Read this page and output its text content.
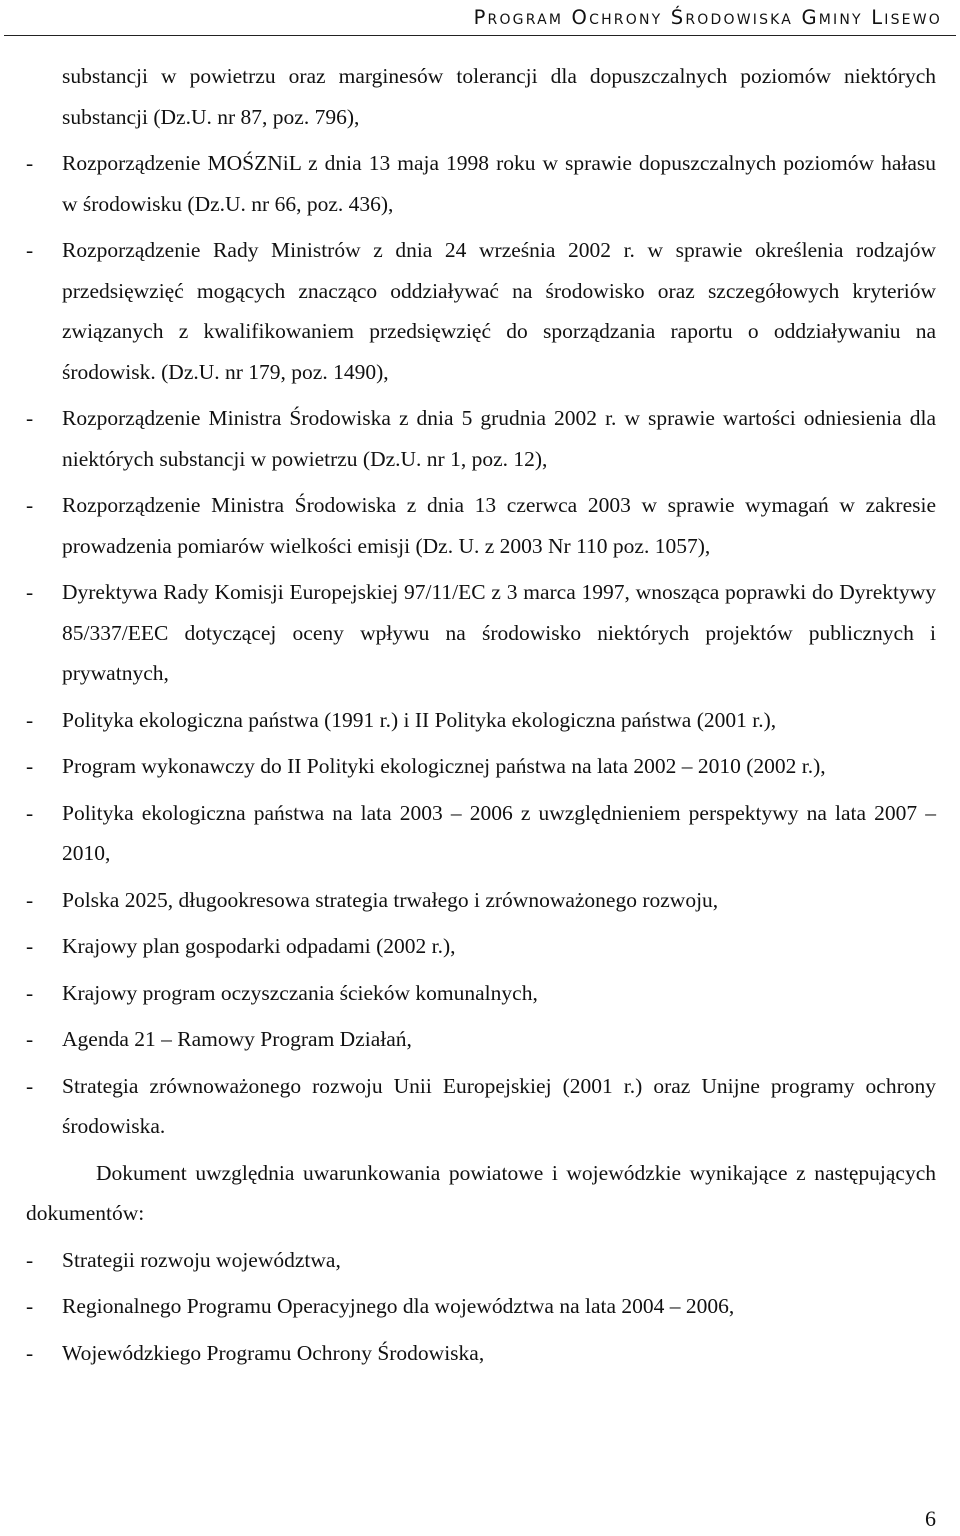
Program Ochrony Środowiska Gminy Lisewo
substancji w powietrzu oraz marginesów tolerancji dla dopuszczalnych poziomów niektórych substancji (Dz.U. nr 87, poz. 796),
- Rozporządzenie MOŚZNiL z dnia 13 maja 1998 roku w sprawie dopuszczalnych poziomów hałasu w środowisku (Dz.U. nr 66, poz. 436),
- Rozporządzenie Rady Ministrów z dnia 24 września 2002 r. w sprawie określenia rodzajów przedsięwzięć mogących znacząco oddziaływać na środowisko oraz szczegółowych kryteriów związanych z kwalifikowaniem przedsięwzięć do sporządzania raportu o oddziaływaniu na środowisk. (Dz.U. nr 179, poz. 1490),
- Rozporządzenie Ministra Środowiska z dnia 5 grudnia 2002 r. w sprawie wartości odniesienia dla niektórych substancji w powietrzu (Dz.U. nr 1, poz. 12),
- Rozporządzenie Ministra Środowiska z dnia 13 czerwca 2003 w sprawie wymagań w zakresie prowadzenia pomiarów wielkości emisji (Dz. U. z 2003 Nr 110 poz. 1057),
- Dyrektywa Rady Komisji Europejskiej 97/11/EC z 3 marca 1997, wnosząca poprawki do Dyrektywy 85/337/EEC dotyczącej oceny wpływu na środowisko niektórych projektów publicznych i prywatnych,
- Polityka ekologiczna państwa (1991 r.) i II Polityka ekologiczna państwa (2001 r.),
- Program wykonawczy do II Polityki ekologicznej państwa na lata 2002 – 2010 (2002 r.),
- Polityka ekologiczna państwa na lata 2003 – 2006 z uwzględnieniem perspektywy na lata 2007 – 2010,
- Polska 2025, długookresowa strategia trwałego i zrównoważonego rozwoju,
- Krajowy plan gospodarki odpadami (2002 r.),
- Krajowy program oczyszczania ścieków komunalnych,
- Agenda 21 – Ramowy Program Działań,
- Strategia zrównoważonego rozwoju Unii Europejskiej (2001 r.) oraz Unijne programy ochrony środowiska.
Dokument uwzględnia uwarunkowania powiatowe i wojewódzkie wynikające z następujących dokumentów:
- Strategii rozwoju województwa,
- Regionalnego Programu Operacyjnego dla województwa na lata 2004 – 2006,
- Wojewódzkiego Programu Ochrony Środowiska,
6
